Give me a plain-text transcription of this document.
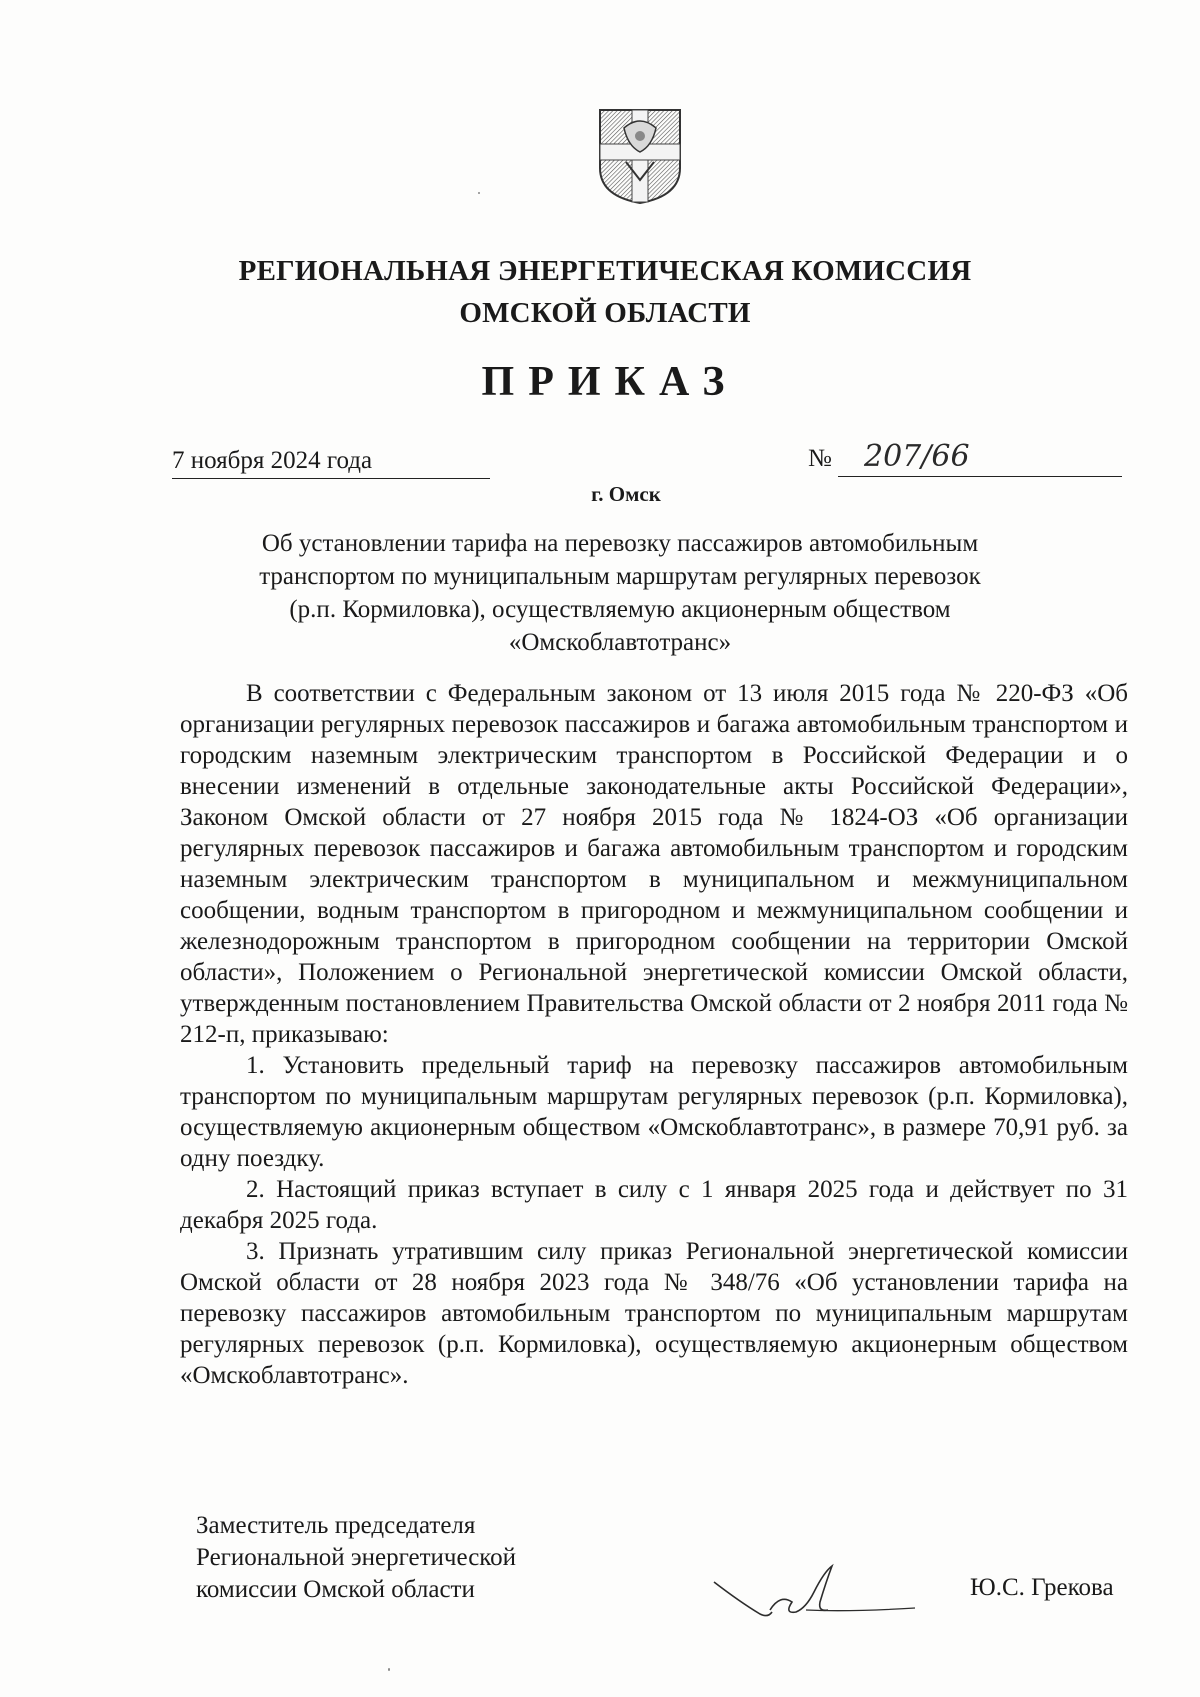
РЕГИОНАЛЬНАЯ ЭНЕРГЕТИЧЕСКАЯ КОМИССИЯ
ОМСКОЙ ОБЛАСТИ
ПРИКАЗ
7 ноября 2024 года	№ 207/66
г. Омск
Об установлении тарифа на перевозку пассажиров автомобильным
транспортом по муниципальным маршрутам регулярных перевозок
(р.п. Кормиловка), осуществляемую акционерным обществом
«Омскоблавтотранс»

В соответствии с Федеральным законом от 13 июля 2015 года № 220-ФЗ «Об организации регулярных перевозок пассажиров и багажа автомобильным транспортом и городским наземным электрическим транспортом в Российской Федерации и о внесении изменений в отдельные законодательные акты Российской Федерации», Законом Омской области от 27 ноября 2015 года № 1824-ОЗ «Об организации регулярных перевозок пассажиров и багажа автомобильным транспортом и городским наземным электрическим транспортом в муниципальном и межмуниципальном сообщении, водным транспортом в пригородном и межмуниципальном сообщении и железнодорожным транспортом в пригородном сообщении на территории Омской области», Положением о Региональной энергетической комиссии Омской области, утвержденным постановлением Правительства Омской области от 2 ноября 2011 года № 212-п, приказываю:

1. Установить предельный тариф на перевозку пассажиров автомобильным транспортом по муниципальным маршрутам регулярных перевозок (р.п. Кормиловка), осуществляемую акционерным обществом «Омскоблавтотранс», в размере 70,91 руб. за одну поездку.

2. Настоящий приказ вступает в силу с 1 января 2025 года и действует по 31 декабря 2025 года.

3. Признать утратившим силу приказ Региональной энергетической комиссии Омской области от 28 ноября 2023 года № 348/76 «Об установлении тарифа на перевозку пассажиров автомобильным транспортом по муниципальным маршрутам регулярных перевозок (р.п. Кормиловка), осуществляемую акционерным обществом «Омскоблавтотранс».

Заместитель председателя
Региональной энергетической
комиссии Омской области	Ю.С. Грекова
